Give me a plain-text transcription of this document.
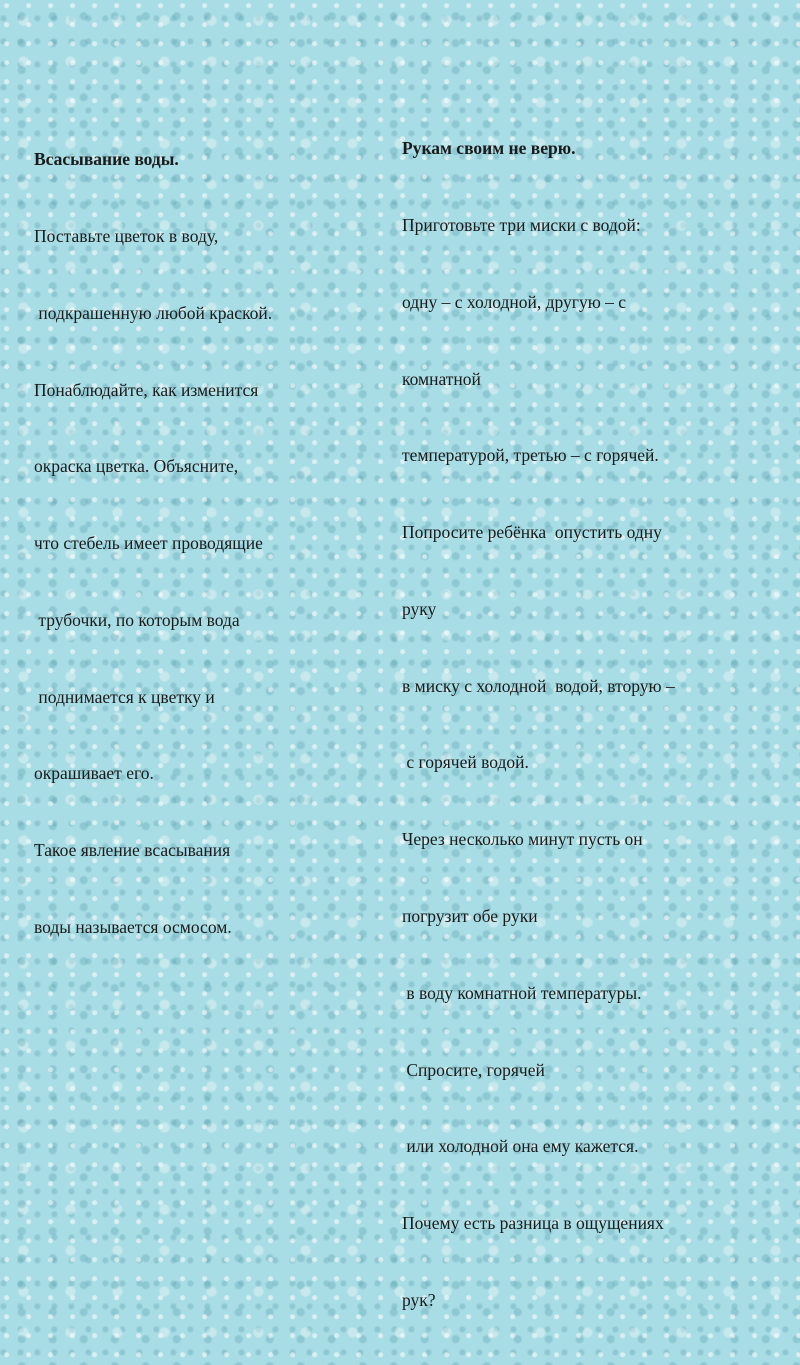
Всасывание воды.

Поставьте цветок в воду,

подкрашенную любой краской.

Понаблюдайте, как изменится

окраска цветка. Объясните,

что стебель имеет проводящие

трубочки, по которым вода

поднимается к цветку и

окрашивает его.

Такое явление всасывания

воды называется осмосом.

Рукам своим не верю.

Приготовьте три миски с водой:

одну – с холодной, другую – с

комнатной

температурой, третью – с горячей.

Попросите ребёнка  опустить одну

руку

в миску с холодной  водой, вторую –

с горячей водой.

Через несколько минут пусть он

погрузит обе руки

в воду комнатной температуры.

Спросите, горячей

или холодной она ему кажется.

Почему есть разница в ощущениях

рук?
